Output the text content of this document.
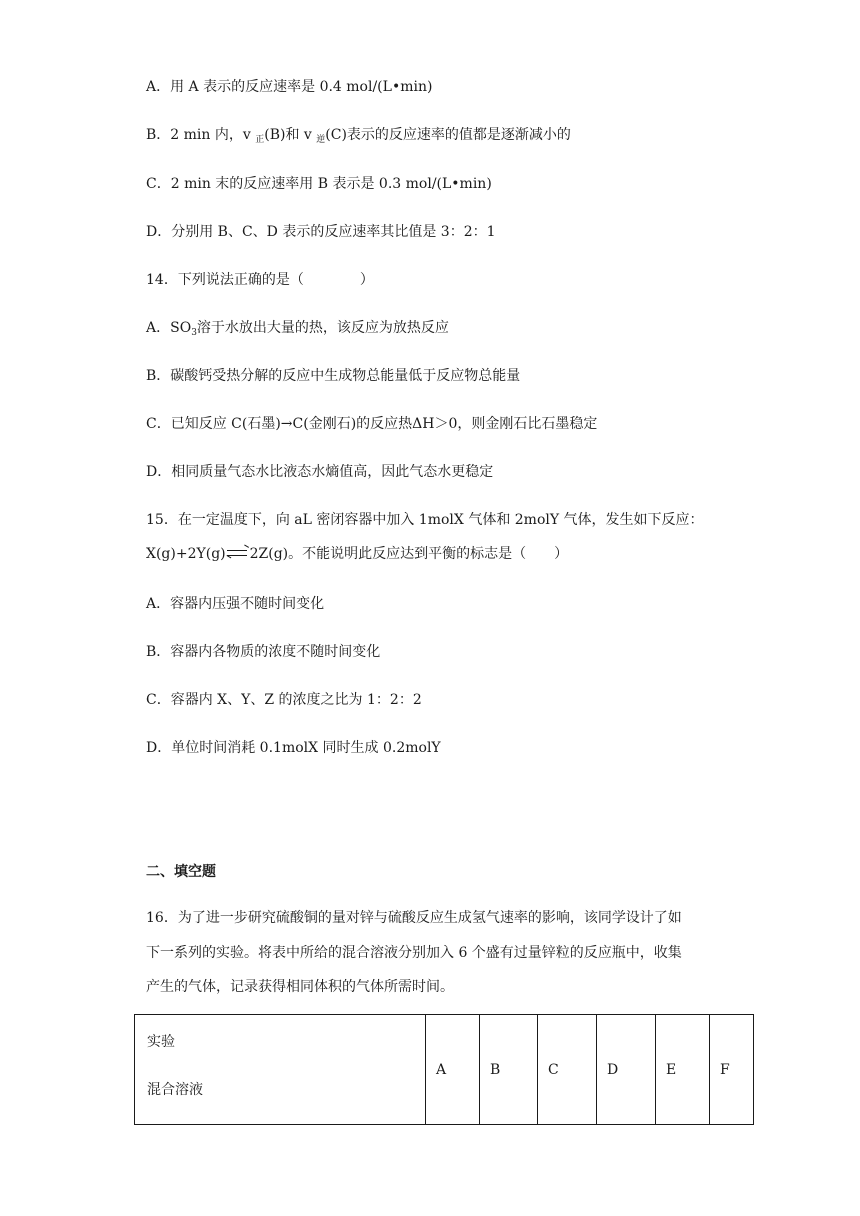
A．用 A 表示的反应速率是 0.4 mol/(L•min)
B．2 min 内，v $_正$(B)和 v $_逆$(C)表示的反应速率的值都是逐渐减小的
C．2 min 末的反应速率用 B 表示是 0.3 mol/(L•min)
D．分别用 B、C、D 表示的反应速率其比值是 3：2：1
14．下列说法正确的是（　　　　）
A．$SO_3$溶于水放出大量的热，该反应为放热反应
B．碳酸钙受热分解的反应中生成物总能量低于反应物总能量
C．已知反应 C(石墨)→C(金刚石)的反应热ΔH＞0，则金刚石比石墨稳定
D．相同质量气态水比液态水熵值高，因此气态水更稳定
15．在一定温度下，向 aL 密闭容器中加入 1molX 气体和 2molY 气体，发生如下反应：
X(g)+2Y(g) 2Z(g)。不能说明此反应达到平衡的标志是（　　）
A．容器内压强不随时间变化
B．容器内各物质的浓度不随时间变化
C．容器内 X、Y、Z 的浓度之比为 1：2：2
D．单位时间消耗 0.1molX 同时生成 0.2molY
二、填空题
16．为了进一步研究硫酸铜的量对锌与硫酸反应生成氢气速率的影响，该同学设计了如
下一系列的实验。将表中所给的混合溶液分别加入 6 个盛有过量锌粒的反应瓶中，收集
产生的气体，记录获得相同体积的气体所需时间。
实验
混合溶液
	A	B	C	D	E	F
